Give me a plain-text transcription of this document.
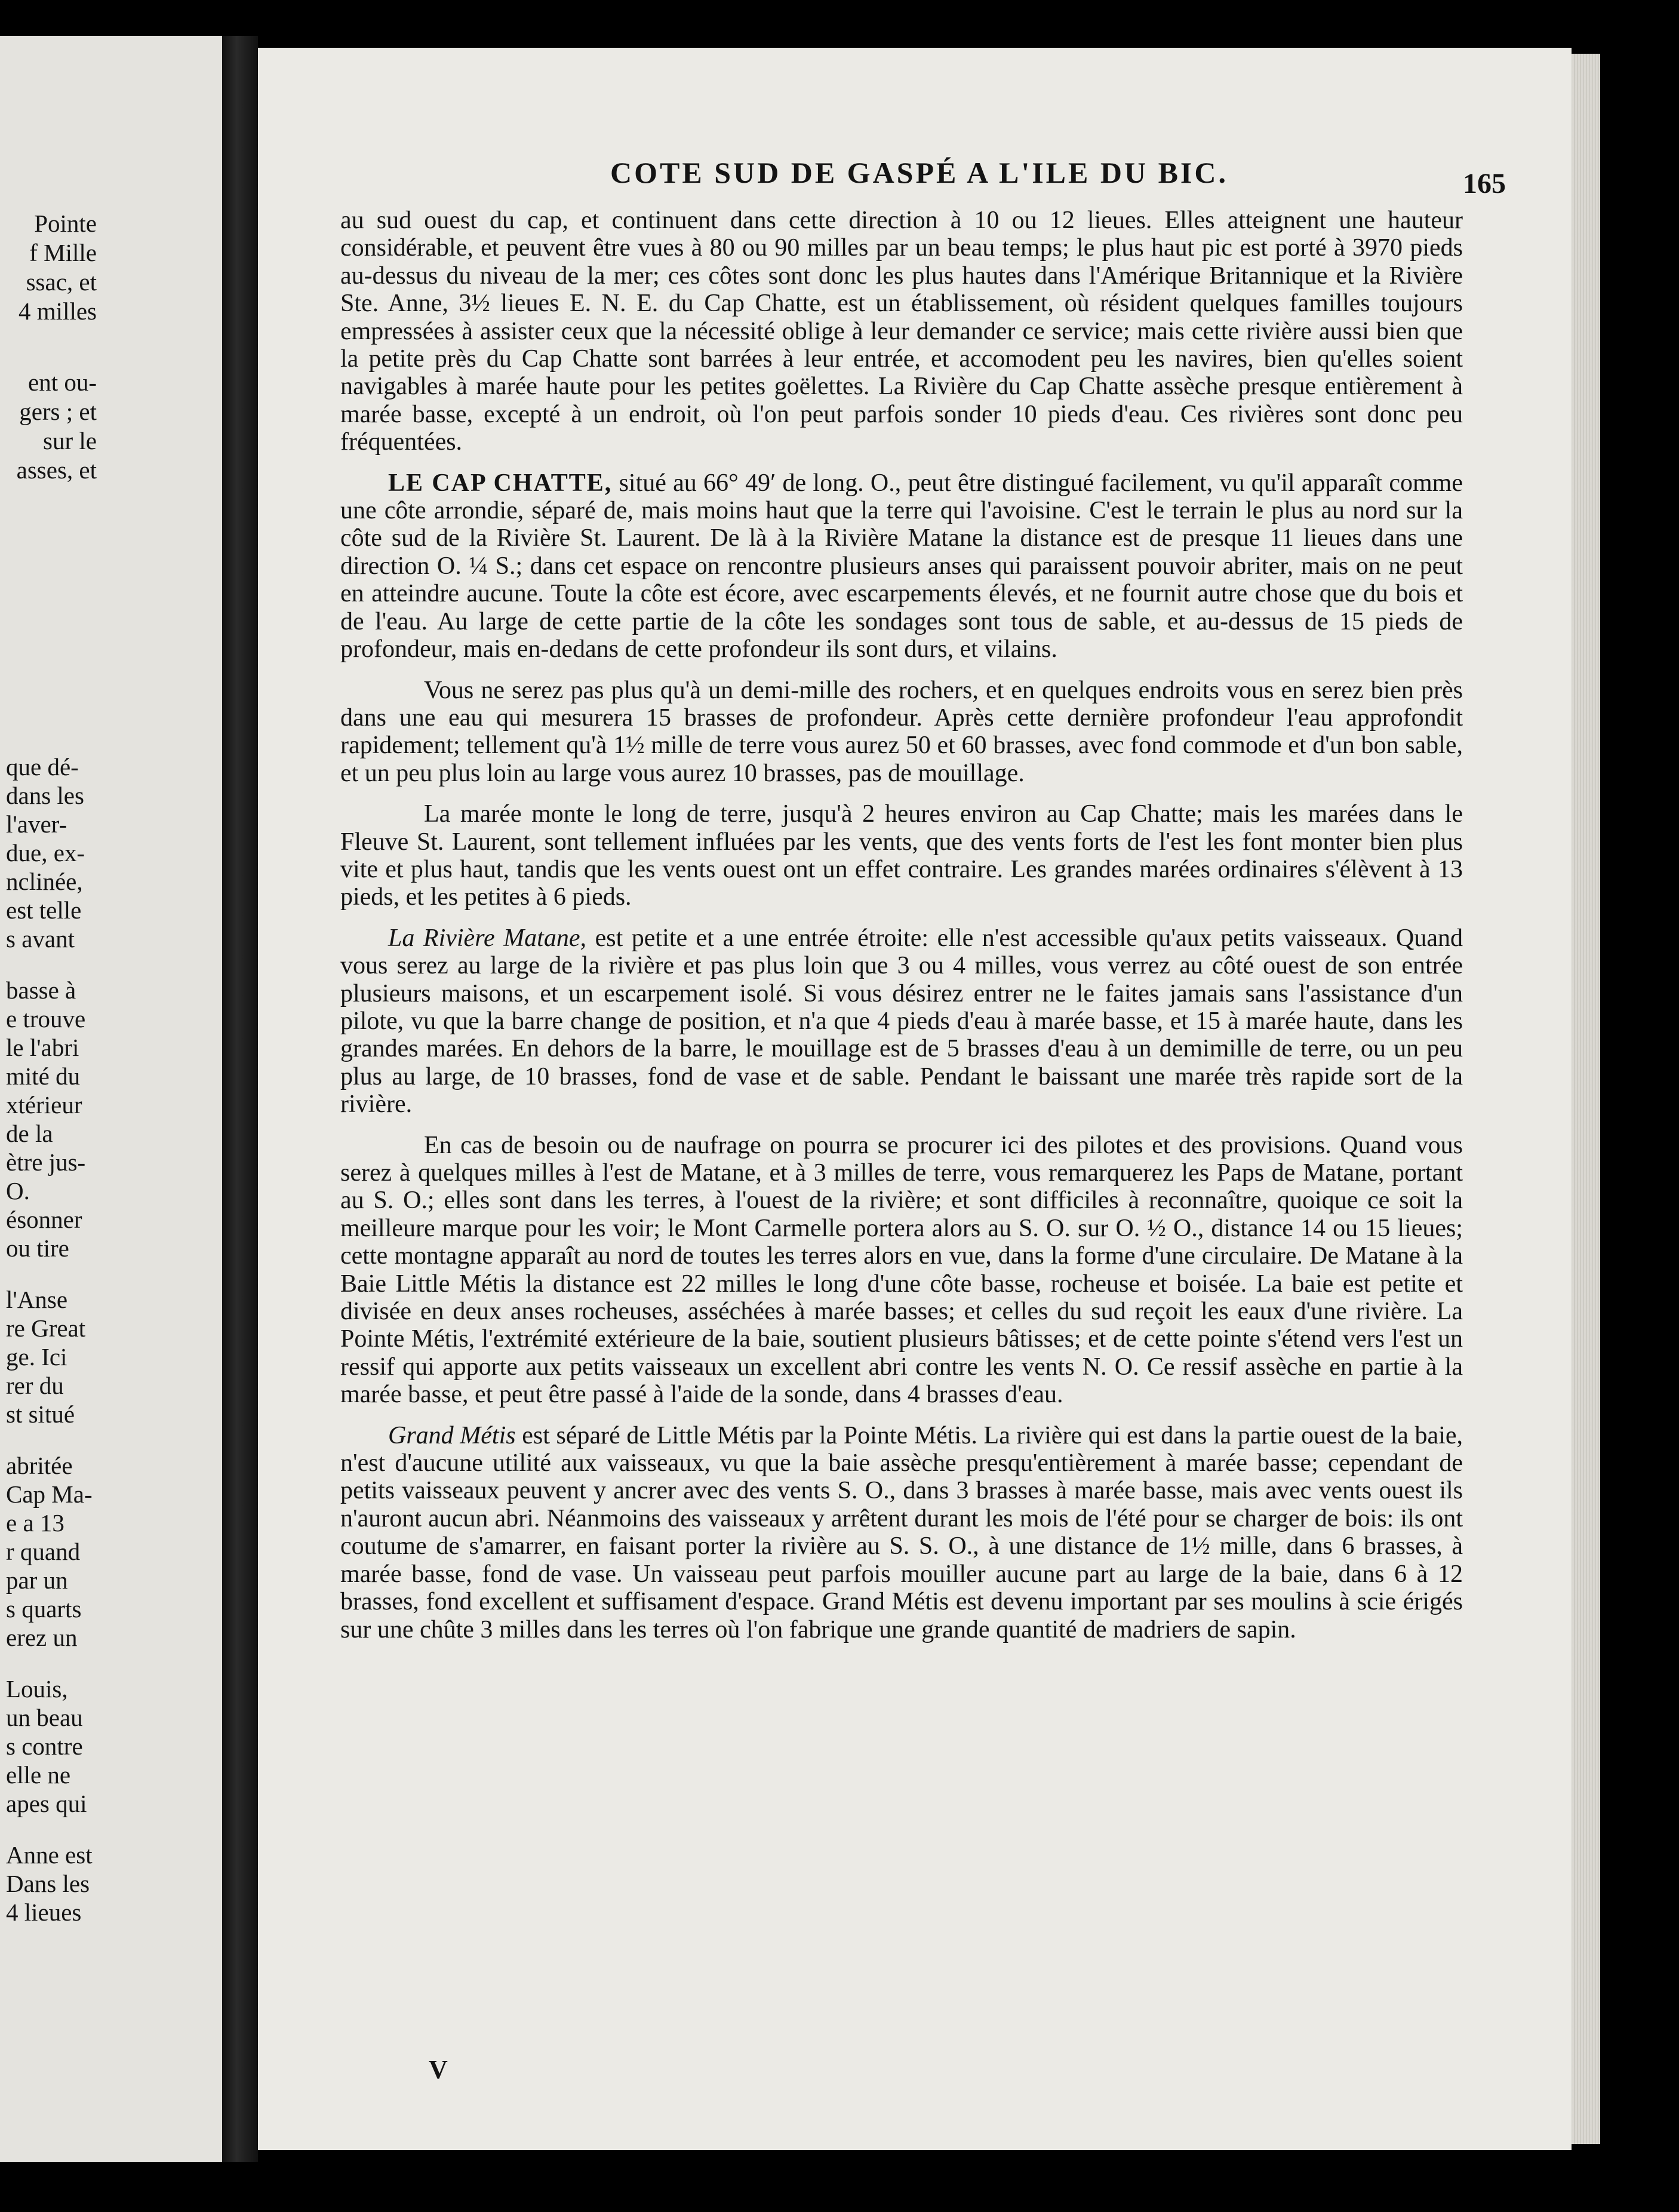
Pointe
f Mille
ssac, et
4 milles
ent ou-
gers ; et
sur le
asses, et
que dé-
dans les
l'aver-
due, ex-
nclinée,
est telle
s avant
basse à
e trouve
le l'abri
mité du
xtérieur
de la
ètre jus-
O.
ésonner
ou tire
l'Anse
re Great
ge. Ici
rer du
st situé
abritée
Cap Ma-
e a 13
r quand
par un
s quarts
erez un
Louis,
un beau
s contre
elle ne
apes qui
Anne est
Dans les
4 lieues
COTE SUD DE GASPÉ A L'ILE DU BIC.	165

au sud ouest du cap, et continuent dans cette direction à 10 ou 12 lieues. Elles atteignent une hauteur considérable, et peuvent être vues à 80 ou 90 milles par un beau temps; le plus haut pic est porté à 3970 pieds au-dessus du niveau de la mer; ces côtes sont donc les plus hautes dans l'Amérique Britannique et la Rivière Ste. Anne, 3½ lieues E. N. E. du Cap Chatte, est un établissement, où résident quelques familles toujours empressées à assister ceux que la nécessité oblige à leur demander ce service; mais cette rivière aussi bien que la petite près du Cap Chatte sont barrées à leur entrée, et accomodent peu les navires, bien qu'elles soient navigables à marée haute pour les petites goëlettes. La Rivière du Cap Chatte assèche presque entièrement à marée basse, excepté à un endroit, où l'on peut parfois sonder 10 pieds d'eau. Ces rivières sont donc peu fréquentées.

LE CAP CHATTE, situé au 66° 49′ de long. O., peut être distingué facilement, vu qu'il apparaît comme une côte arrondie, séparé de, mais moins haut que la terre qui l'avoisine. C'est le terrain le plus au nord sur la côte sud de la Rivière St. Laurent. De là à la Rivière Matane la distance est de presque 11 lieues dans une direction O. ¼ S.; dans cet espace on rencontre plusieurs anses qui paraissent pouvoir abriter, mais on ne peut en atteindre aucune. Toute la côte est écore, avec escarpements élevés, et ne fournit autre chose que du bois et de l'eau. Au large de cette partie de la côte les sondages sont tous de sable, et au-dessus de 15 pieds de profondeur, mais en-dedans de cette profondeur ils sont durs, et vilains.

Vous ne serez pas plus qu'à un demi-mille des rochers, et en quelques endroits vous en serez bien près dans une eau qui mesurera 15 brasses de profondeur. Après cette dernière profondeur l'eau approfondit rapidement; tellement qu'à 1½ mille de terre vous aurez 50 et 60 brasses, avec fond commode et d'un bon sable, et un peu plus loin au large vous aurez 10 brasses, pas de mouillage.

La marée monte le long de terre, jusqu'à 2 heures environ au Cap Chatte; mais les marées dans le Fleuve St. Laurent, sont tellement influées par les vents, que des vents forts de l'est les font monter bien plus vite et plus haut, tandis que les vents ouest ont un effet contraire. Les grandes marées ordinaires s'élèvent à 13 pieds, et les petites à 6 pieds.

La Rivière Matane, est petite et a une entrée étroite: elle n'est accessible qu'aux petits vaisseaux. Quand vous serez au large de la rivière et pas plus loin que 3 ou 4 milles, vous verrez au côté ouest de son entrée plusieurs maisons, et un escarpement isolé. Si vous désirez entrer ne le faites jamais sans l'assistance d'un pilote, vu que la barre change de position, et n'a que 4 pieds d'eau à marée basse, et 15 à marée haute, dans les grandes marées. En dehors de la barre, le mouillage est de 5 brasses d'eau à un demimille de terre, ou un peu plus au large, de 10 brasses, fond de vase et de sable. Pendant le baissant une marée très rapide sort de la rivière.

En cas de besoin ou de naufrage on pourra se procurer ici des pilotes et des provisions. Quand vous serez à quelques milles à l'est de Matane, et à 3 milles de terre, vous remarquerez les Paps de Matane, portant au S. O.; elles sont dans les terres, à l'ouest de la rivière; et sont difficiles à reconnaître, quoique ce soit la meilleure marque pour les voir; le Mont Carmelle portera alors au S. O. sur O. ½ O., distance 14 ou 15 lieues; cette montagne apparaît au nord de toutes les terres alors en vue, dans la forme d'une circulaire. De Matane à la Baie Little Métis la distance est 22 milles le long d'une côte basse, rocheuse et boisée. La baie est petite et divisée en deux anses rocheuses, asséchées à marée basses; et celles du sud reçoit les eaux d'une rivière. La Pointe Métis, l'extrémité extérieure de la baie, soutient plusieurs bâtisses; et de cette pointe s'étend vers l'est un ressif qui apporte aux petits vaisseaux un excellent abri contre les vents N. O. Ce ressif assèche en partie à la marée basse, et peut être passé à l'aide de la sonde, dans 4 brasses d'eau.

Grand Métis est séparé de Little Métis par la Pointe Métis. La rivière qui est dans la partie ouest de la baie, n'est d'aucune utilité aux vaisseaux, vu que la baie assèche presqu'entièrement à marée basse; cependant de petits vaisseaux peuvent y ancrer avec des vents S. O., dans 3 brasses à marée basse, mais avec vents ouest ils n'auront aucun abri. Néanmoins des vaisseaux y arrêtent durant les mois de l'été pour se charger de bois: ils ont coutume de s'amarrer, en faisant porter la rivière au S. S. O., à une distance de 1½ mille, dans 6 brasses, à marée basse, fond de vase. Un vaisseau peut parfois mouiller aucune part au large de la baie, dans 6 à 12 brasses, fond excellent et suffisament d'espace. Grand Métis est devenu important par ses moulins à scie érigés sur une chûte 3 milles dans les terres où l'on fabrique une grande quantité de madriers de sapin.

V
